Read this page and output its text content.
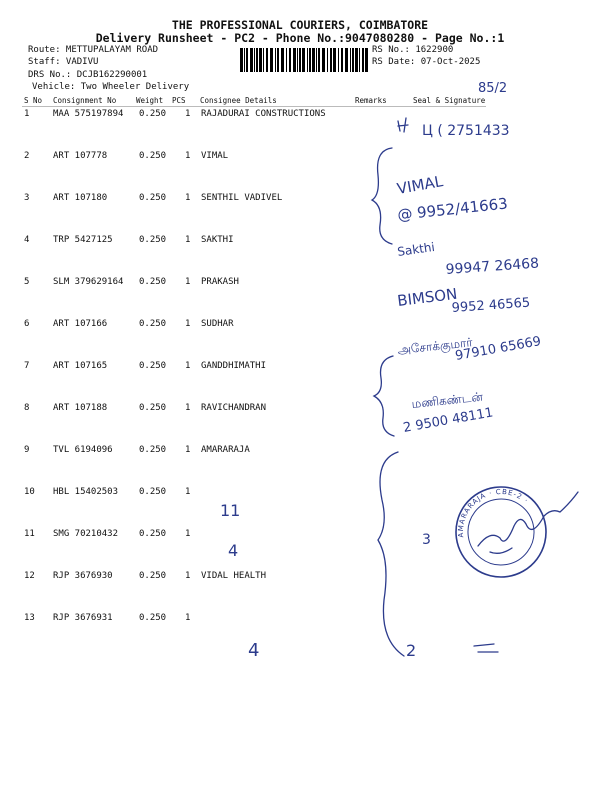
THE PROFESSIONAL COURIERS, COIMBATORE
Delivery Runsheet - PC2 - Phone No.:9047080280 - Page No.:1
Route: METTUPALAYAM ROAD
Staff: VADIVU
DRS No.: DCJB162290001
Vehicle: Two Wheeler Delivery
RS No.: 1622900
RS Date: 07-Oct-2025
S No Consignment No	Weight PCS Consignee Details	Remarks	Seal & Signature
1	MAA 575197894 0.250 1 RAJADURAI CONSTRUCTIONS
2	ART 107778	0.250 1 VIMAL
3	ART 107180	0.250 1 SENTHIL VADIVEL
4	TRP 5427125	0.250 1 SAKTHI
5	SLM 379629164 0.250 1 PRAKASH
6	ART 107166	0.250 1 SUDHAR
7	ART 107165	0.250 1 GANDDHIMATHI
8	ART 107188	0.250 1 RAVICHANDRAN
9	TVL 6194096	0.250 1 AMARARAJA
10 HBL 15402503 0.250 1
11 SMG 70210432 0.250 1
12 RJP 3676930	0.250 1 VIDAL HEALTH
13 RJP 3676931	0.250 1
85/2
Ц ( 2751433
VIMAL
@ 9952/41663
Sakthi
99947 26468
BIMSON
9952 46565
அசோக்குமார்
97910 65669
மணிகண்டன்
2 9500 48111
11
4
4
3
2
AMARARAJA · CBE-2 ·
